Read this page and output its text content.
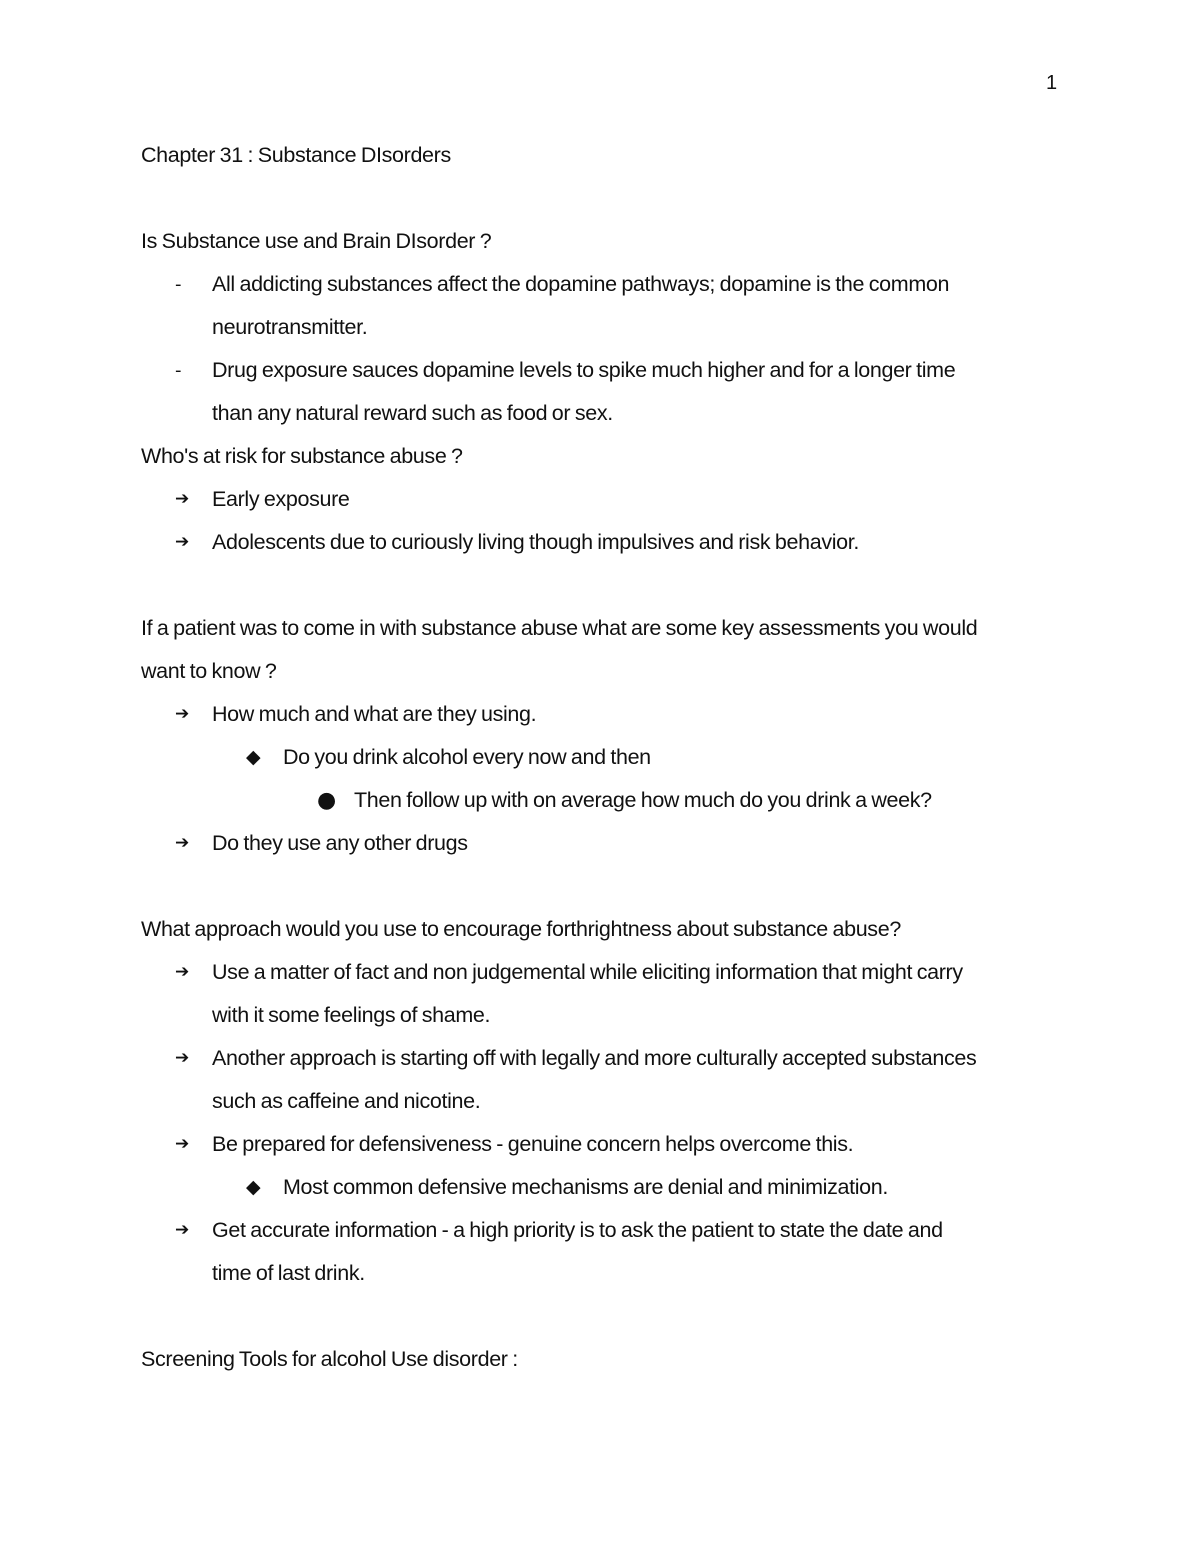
1
Chapter 31 : Substance DIsorders
Is Substance use and Brain DIsorder ?
- All addicting substances affect the dopamine pathways; dopamine is the common
neurotransmitter.
- Drug exposure sauces dopamine levels to spike much higher and for a longer time
than any natural reward such as food or sex.
Who's at risk for substance abuse ?
➔ Early exposure
➔ Adolescents due to curiously living though impulsives and risk behavior.
If a patient was to come in with substance abuse what are some key assessments you would
want to know ?
➔ How much and what are they using.
◆ Do you drink alcohol every now and then
● Then follow up with on average how much do you drink a week?
➔ Do they use any other drugs
What approach would you use to encourage forthrightness about substance abuse?
➔ Use a matter of fact and non judgemental while eliciting information that might carry
with it some feelings of shame.
➔ Another approach is starting off with legally and more culturally accepted substances
such as caffeine and nicotine.
➔ Be prepared for defensiveness - genuine concern helps overcome this.
◆ Most common defensive mechanisms are denial and minimization.
➔ Get accurate information - a high priority is to ask the patient to state the date and
time of last drink.
Screening Tools for alcohol Use disorder :
